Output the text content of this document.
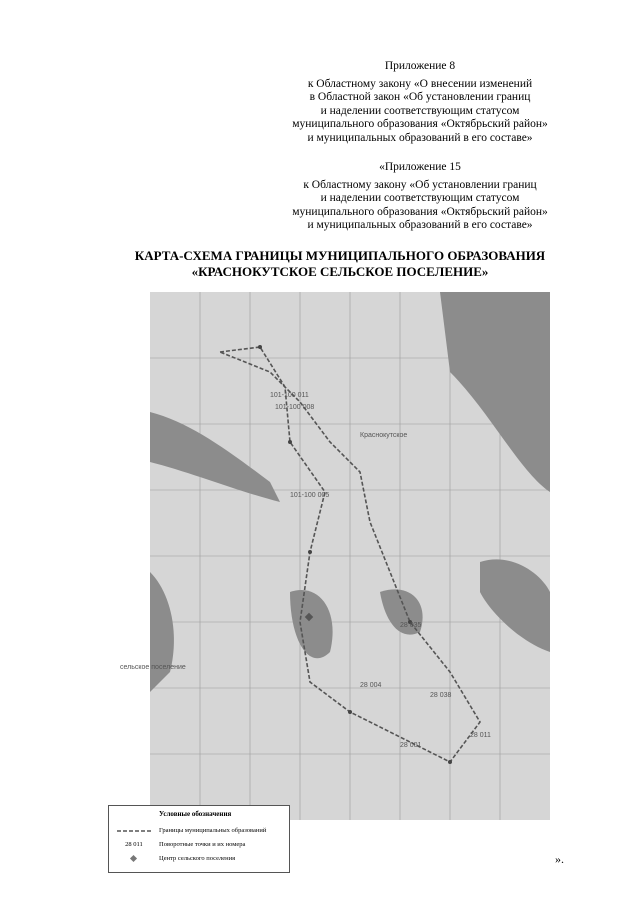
Приложение 8
к Областному закону «О внесении изменений
в Областной закон «Об установлении границ
и наделении соответствующим статусом
муниципального образования «Октябрьский район»
и муниципальных образований в его составе»
«Приложение 15
к Областному закону «Об установлении границ
и наделении соответствующим статусом
муниципального образования «Октябрьский район»
и муниципальных образований в его составе»
КАРТА-СХЕМА ГРАНИЦЫ МУНИЦИПАЛЬНОГО ОБРАЗОВАНИЯ
«КРАСНОКУТСКОЕ СЕЛЬСКОЕ ПОСЕЛЕНИЕ»
101-100 011
101-100 008
101-100 005
28 035
28 004
28 001
28 038
28 011
сельское поселение
Краснокутское
Условные обозначения
Границы муниципальных образований
28 011	Поворотные точки и их номера
Центр сельского поселения	».
